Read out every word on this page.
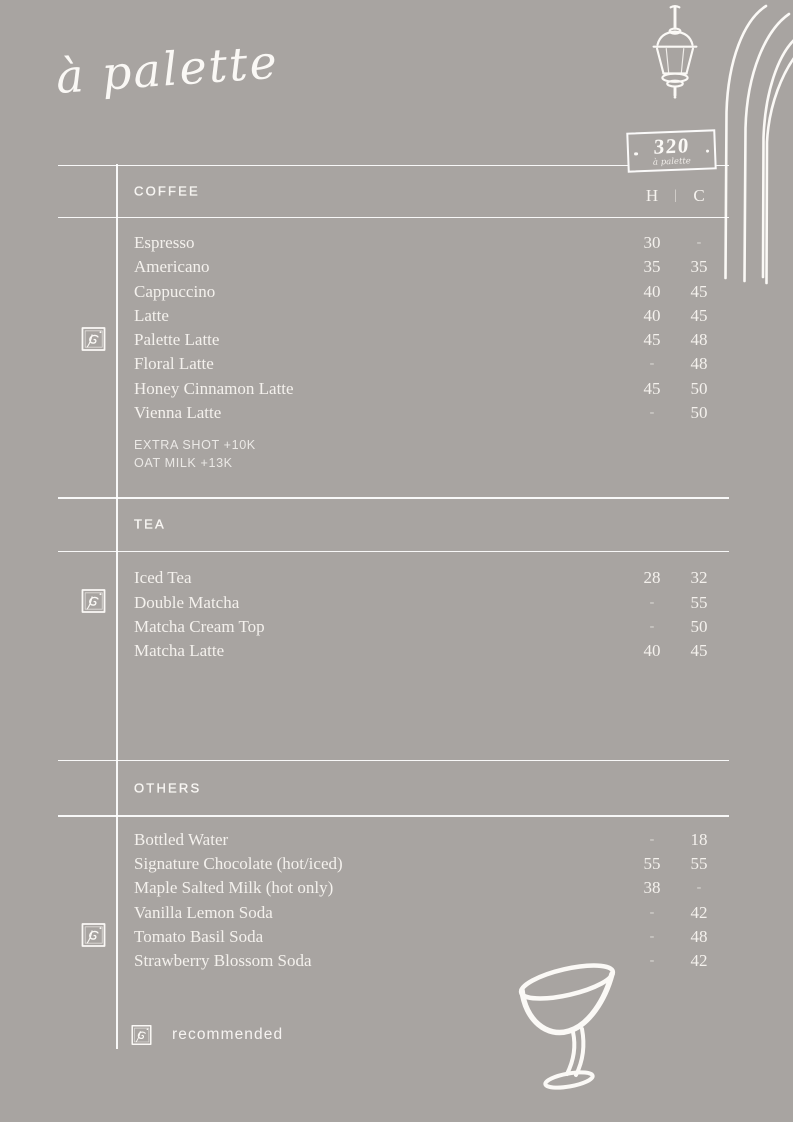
à palette
320
à palette
COFFEE	H	| C
Espresso	30	-
Americano	35	35
Cappuccino	40	45
Latte	40	45
Palette Latte	45	48
Floral Latte	-	48
Honey Cinnamon Latte	45	50
Vienna Latte	-	50
EXTRA SHOT +10K
OAT MILK +13K
TEA
Iced Tea	28	32
Double Matcha	-	55
Matcha Cream Top	-	50
Matcha Latte	40	45
OTHERS
Bottled Water	-	18
Signature Chocolate (hot/iced)	55	55
Maple Salted Milk (hot only)	38	-
Vanilla Lemon Soda	-	42
Tomato Basil Soda	-	48
Strawberry Blossom Soda	-	42
recommended
